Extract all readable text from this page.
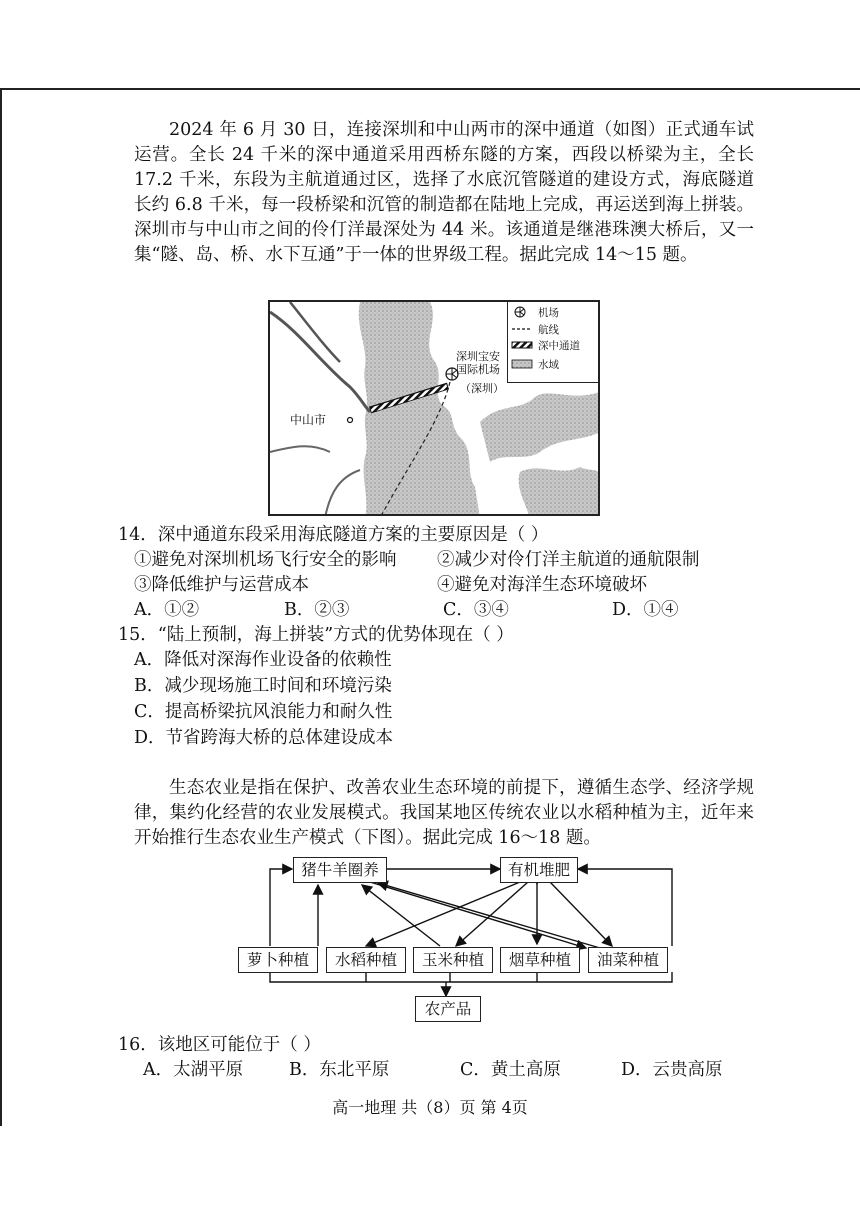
2024 年 6 月 30 日，连接深圳和中山两市的深中通道（如图）正式通车试运营。全长 24 千米的深中通道采用西桥东隧的方案，西段以桥梁为主，全长 17.2 千米，东段为主航道通过区，选择了水底沉管隧道的建设方式，海底隧道长约 6.8 千米，每一段桥梁和沉管的制造都在陆地上完成，再运送到海上拼装。深圳市与中山市之间的伶仃洋最深处为 44 米。该通道是继港珠澳大桥后，又一集“隧、岛、桥、水下互通”于一体的世界级工程。据此完成 14～15 题。

中山市
深圳宝安
国际机场
（深圳）
机场
航线
深中通道
水域
14．深中通道东段采用海底隧道方案的主要原因是（ ）
①避免对深圳机场飞行安全的影响 ②减少对伶仃洋主航道的通航限制
③降低维护与运营成本	④避免对海洋生态环境破坏
A．①②	B．②③	C．③④	D．①④
15．“陆上预制，海上拼装”方式的优势体现在（ ）
A．降低对深海作业设备的依赖性
B．减少现场施工时间和环境污染
C．提高桥梁抗风浪能力和耐久性
D．节省跨海大桥的总体建设成本

生态农业是指在保护、改善农业生态环境的前提下，遵循生态学、经济学规律，集约化经营的农业发展模式。我国某地区传统农业以水稻种植为主，近年来开始推行生态农业生产模式（下图）。据此完成 16～18 题。

猪牛羊圈养	有机堆肥
萝卜种植	水稻种植	玉米种植	烟草种植	油菜种植
农产品
16．该地区可能位于（ ）
A．太湖平原	B．东北平原	C．黄土高原	D．云贵高原
高一地理 共（8）页 第 4页
